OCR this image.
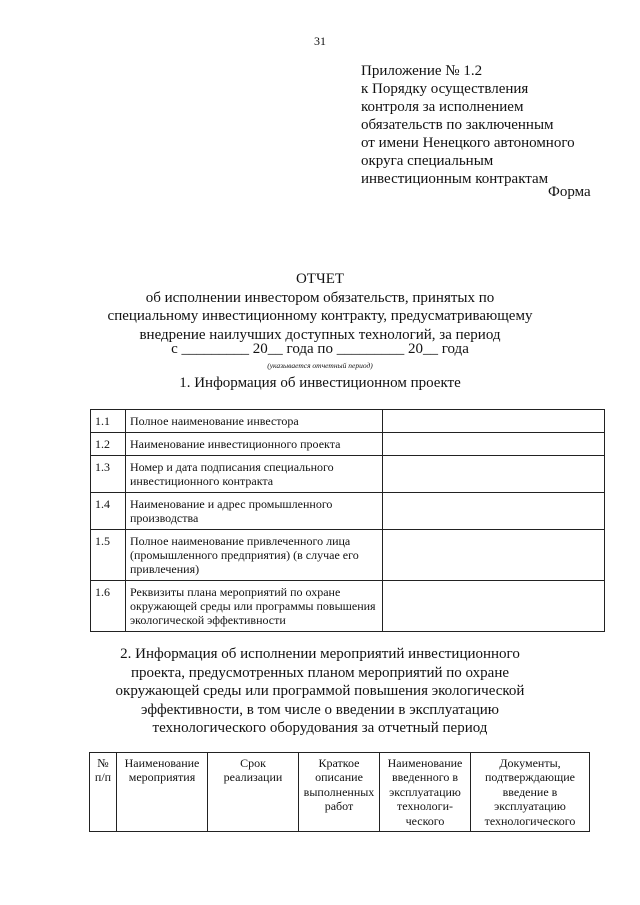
31
Приложение № 1.2
к Порядку осуществления
контроля за исполнением
обязательств по заключенным
от имени Ненецкого автономного
округа специальным
инвестиционным контрактам
Форма
ОТЧЕТ
об исполнении инвестором обязательств, принятых по
специальному инвестиционному контракту, предусматривающему
внедрение наилучших доступных технологий, за период
с _________ 20__ года по _________ 20__ года
(указывается отчетный период)
1. Информация об инвестиционном проекте
1.1	Полное наименование инвестора	
1.2	Наименование инвестиционного проекта	
1.3	Номер и дата подписания специального инвестиционного контракта	
1.4	Наименование и адрес промышленного производства	
1.5	Полное наименование привлеченного лица (промышленного предприятия) (в случае его привлечения)	
1.6	Реквизиты плана мероприятий по охране окружающей среды или программы повышения экологической эффективности	
2. Информация об исполнении мероприятий инвестиционного
проекта, предусмотренных планом мероприятий по охране
окружающей среды или программой повышения экологической
эффективности, в том числе о введении в эксплуатацию
технологического оборудования за отчетный период
№
п/п

Наименование
мероприятия

Срок
реализации

Краткое
описание
выполненных
работ

Наименование
введенного в
эксплуатацию
технологи-
ческого

Документы,
подтверждающие
введение в
эксплуатацию
технологического
